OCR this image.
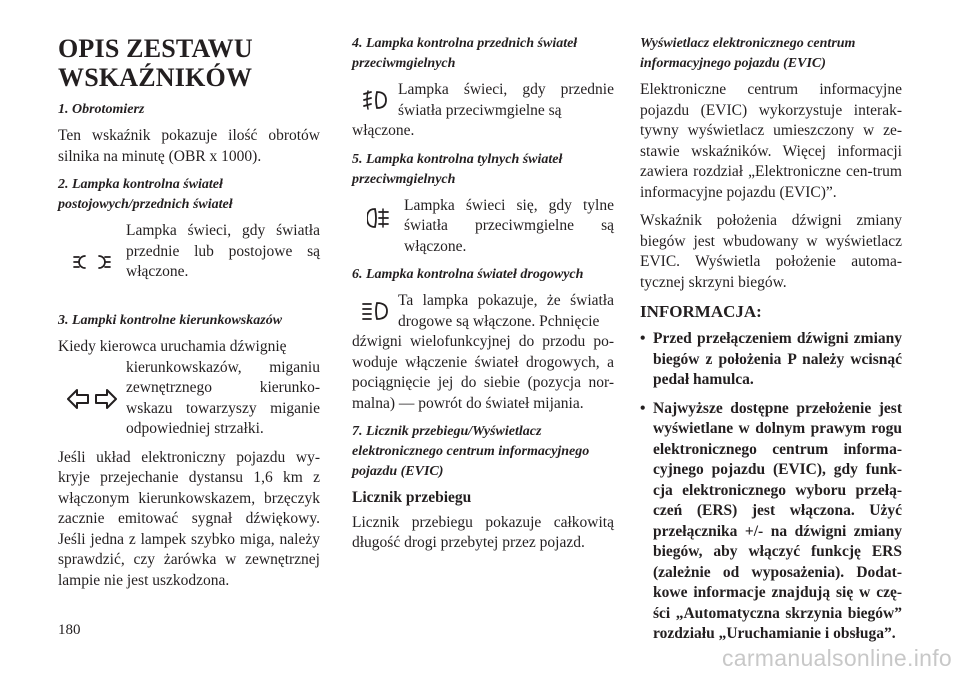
OPIS ZESTAWU
WSKAŹNIKÓW
1. Obrotomierz

Ten wskaźnik pokazuje ilość obrotów silnika na minutę (OBR x 1000).

2. Lampka kontrolna świateł postojowych/przednich świateł
Lampka świeci, gdy światła przednie lub postojowe są włączone.
3. Lampki kontrolne kierunkowskazów

Kiedy kierowca uruchamia dźwignię

kierunkowskazów, miganiu zewnętrznego kierunko-wskazu towarzyszy miganie odpowiedniej strzałki.

Jeśli układ elektroniczny pojazdu wy-kryje przejechanie dystansu 1,6 km z włączonym kierunkowskazem, brzęczyk zacznie emitować sygnał dźwiękowy. Jeśli jedna z lampek szybko miga, należy sprawdzić, czy żarówka w zewnętrznej lampie nie jest uszkodzona.

4. Lampka kontrolna przednich świateł przeciwmgielnych
Lampka świeci, gdy przednie światła przeciwmgielne są

włączone.

5. Lampka kontrolna tylnych świateł przeciwmgielnych
Lampka świeci się, gdy tylne światła przeciwmgielne są włączone.
6. Lampka kontrolna świateł drogowych
Ta lampka pokazuje, że światła drogowe są włączone. Pchnięcie

dźwigni wielofunkcyjnej do przodu po-woduje włączenie świateł drogowych, a pociągnięcie jej do siebie (pozycja nor-malna) — powrót do świateł mijania.

7. Licznik przebiegu/Wyświetlacz elektronicznego centrum informacyjnego pojazdu (EVIC)
Licznik przebiegu

Licznik przebiegu pokazuje całkowitą długość drogi przebytej przez pojazd.

Wyświetlacz elektronicznego centrum informacyjnego pojazdu (EVIC)

Elektroniczne centrum informacyjne pojazdu (EVIC) wykorzystuje interak-tywny wyświetlacz umieszczony w ze-stawie wskaźników. Więcej informacji zawiera rozdział „Elektroniczne cen-trum informacyjne pojazdu (EVIC)”.

Wskaźnik położenia dźwigni zmiany biegów jest wbudowany w wyświetlacz EVIC. Wyświetla położenie automa-tycznej skrzyni biegów.

INFORMACJA:
• Przed przełączeniem dźwigni zmiany biegów z położenia P należy wcisnąć pedał hamulca.
• Najwyższe dostępne przełożenie jest wyświetlane w dolnym prawym rogu elektronicznego centrum informa-cyjnego pojazdu (EVIC), gdy funk-cja elektronicznego wyboru przełą-czeń (ERS) jest włączona. Użyć przełącznika +/- na dźwigni zmiany biegów, aby włączyć funkcję ERS (zależnie od wyposażenia). Dodat-kowe informacje znajdują się w czę-ści „Automatyczna skrzynia biegów” rozdziału „Uruchamianie i obsługa”.
180
carmanualsonline.info
